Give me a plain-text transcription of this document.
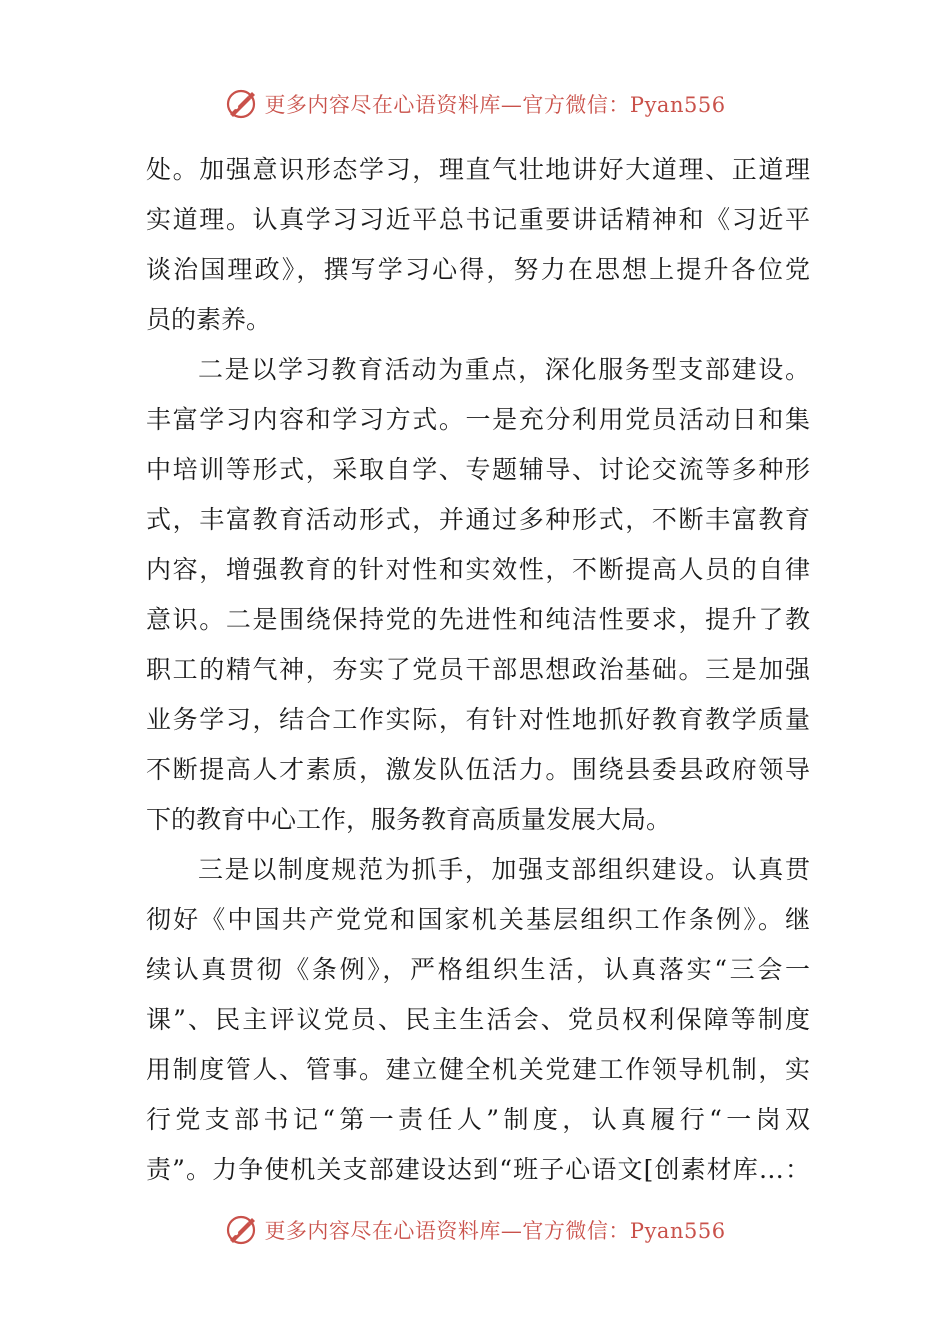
更多内容尽在心语资料库—官方微信：Pyan556
处。加强意识形态学习，理直气壮地讲好大道理、正道理
实道理。认真学习习近平总书记重要讲话精神和《习近平
谈治国理政》，撰写学习心得，努力在思想上提升各位党
员的素养。
二是以学习教育活动为重点，深化服务型支部建设。
丰富学习内容和学习方式。一是充分利用党员活动日和集
中培训等形式，采取自学、专题辅导、讨论交流等多种形
式，丰富教育活动形式，并通过多种形式，不断丰富教育
内容，增强教育的针对性和实效性，不断提高人员的自律
意识。二是围绕保持党的先进性和纯洁性要求，提升了教
职工的精气神，夯实了党员干部思想政治基础。三是加强
业务学习，结合工作实际，有针对性地抓好教育教学质量
不断提高人才素质，激发队伍活力。围绕县委县政府领导
下的教育中心工作，服务教育高质量发展大局。
三是以制度规范为抓手，加强支部组织建设。认真贯
彻好《中国共产党党和国家机关基层组织工作条例》。继
续认真贯彻《条例》，严格组织生活，认真落实“三会一
课”、民主评议党员、民主生活会、党员权利保障等制度
用制度管人、管事。建立健全机关党建工作领导机制，实
行党支部书记“第一责任人”制度，认真履行“一岗双
责”。力争使机关支部建设达到“班子心语文[创素材库…：
更多内容尽在心语资料库—官方微信：Pyan556
